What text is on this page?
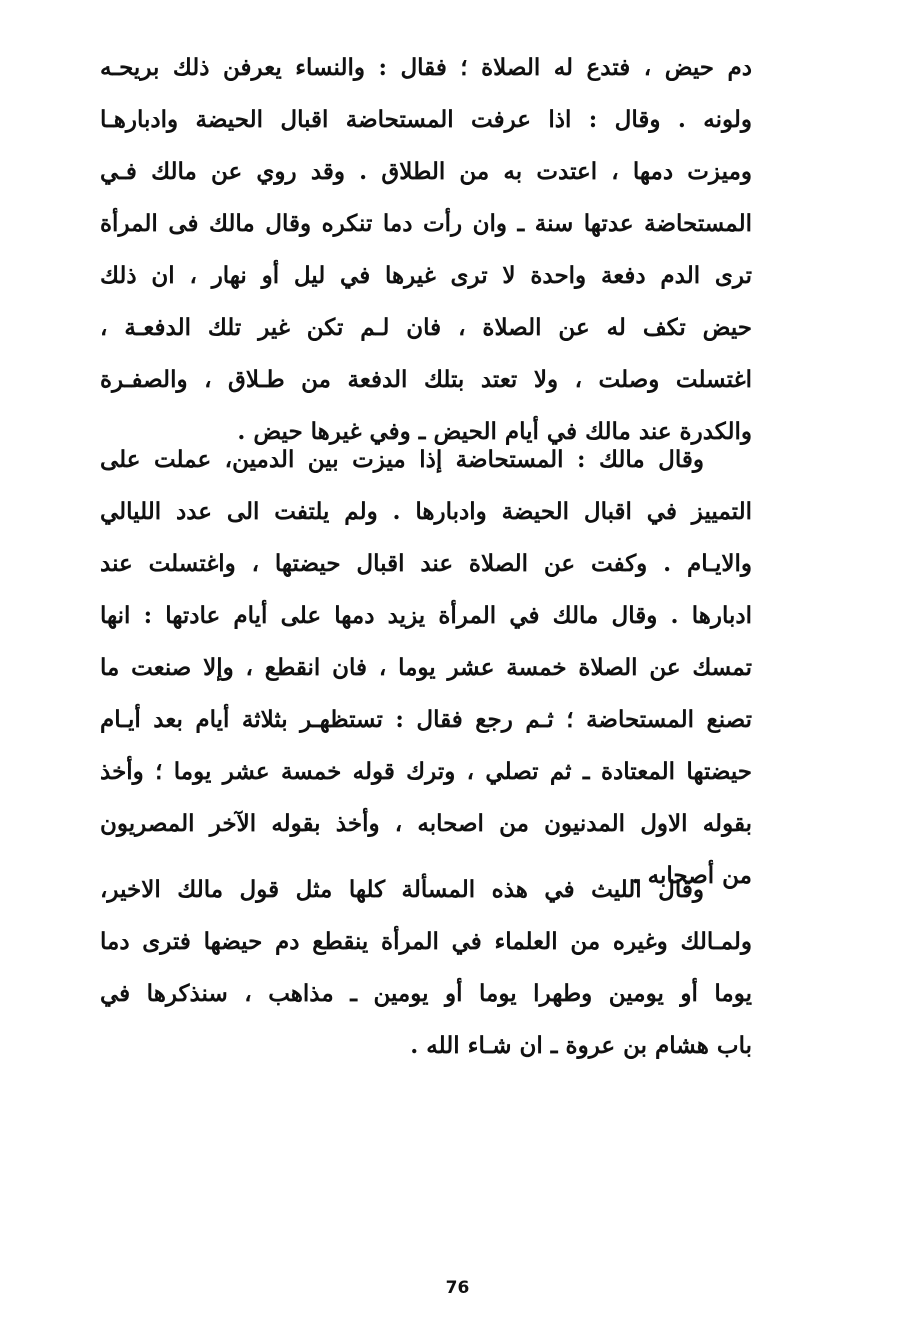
دم حيض ، فتدع له الصلاة ؛ فقال : والنساء يعرفن ذلك بريحـه
ولونه . وقال : اذا عرفت المستحاضة اقبال الحيضة وادبارهـا
وميزت دمها ، اعتدت به من الطلاق . وقد روي عن مالك فـي
المستحاضة عدتها سنة ـ وان رأت دما تنكره وقال مالك فى المرأة
ترى الدم دفعة واحدة لا ترى غيرها في ليل أو نهار ، ان ذلك
حيض تكف له عن الصلاة ، فان لـم تكن غير تلك الدفعـة ،
اغتسلت وصلت ، ولا تعتد بتلك الدفعة من طـلاق ، والصفـرة
والكدرة عند مالك في أيام الحيض ـ وفي غيرها حيض .
وقال مالك : المستحاضة إذا ميزت بين الدمين، عملت على
التمييز في اقبال الحيضة وادبارها . ولم يلتفت الى عدد الليالي
والايـام . وكفت عن الصلاة عند اقبال حيضتها ، واغتسلت عند
ادبارها . وقال مالك في المرأة يزيد دمها على أيام عادتها : انها
تمسك عن الصلاة خمسة عشر يوما ، فان انقطع ، وإلا صنعت ما
تصنع المستحاضة ؛ ثـم رجع فقال : تستظهـر بثلاثة أيام بعد أيـام
حيضتها المعتادة ـ ثم تصلي ، وترك قوله خمسة عشر يوما ؛ وأخذ
بقوله الاول المدنيون من اصحابه ، وأخذ بقوله الآخر المصريون
من أصحابه .
وقال الليث في هذه المسألة كلها مثل قول مالك الاخير،
ولمـالك وغيره من العلماء في المرأة ينقطع دم حيضها فترى دما
يوما أو يومين وطهرا يوما أو يومين ـ مذاهب ، سنذكرها في
باب هشام بن عروة ـ ان شـاء الله .
76
